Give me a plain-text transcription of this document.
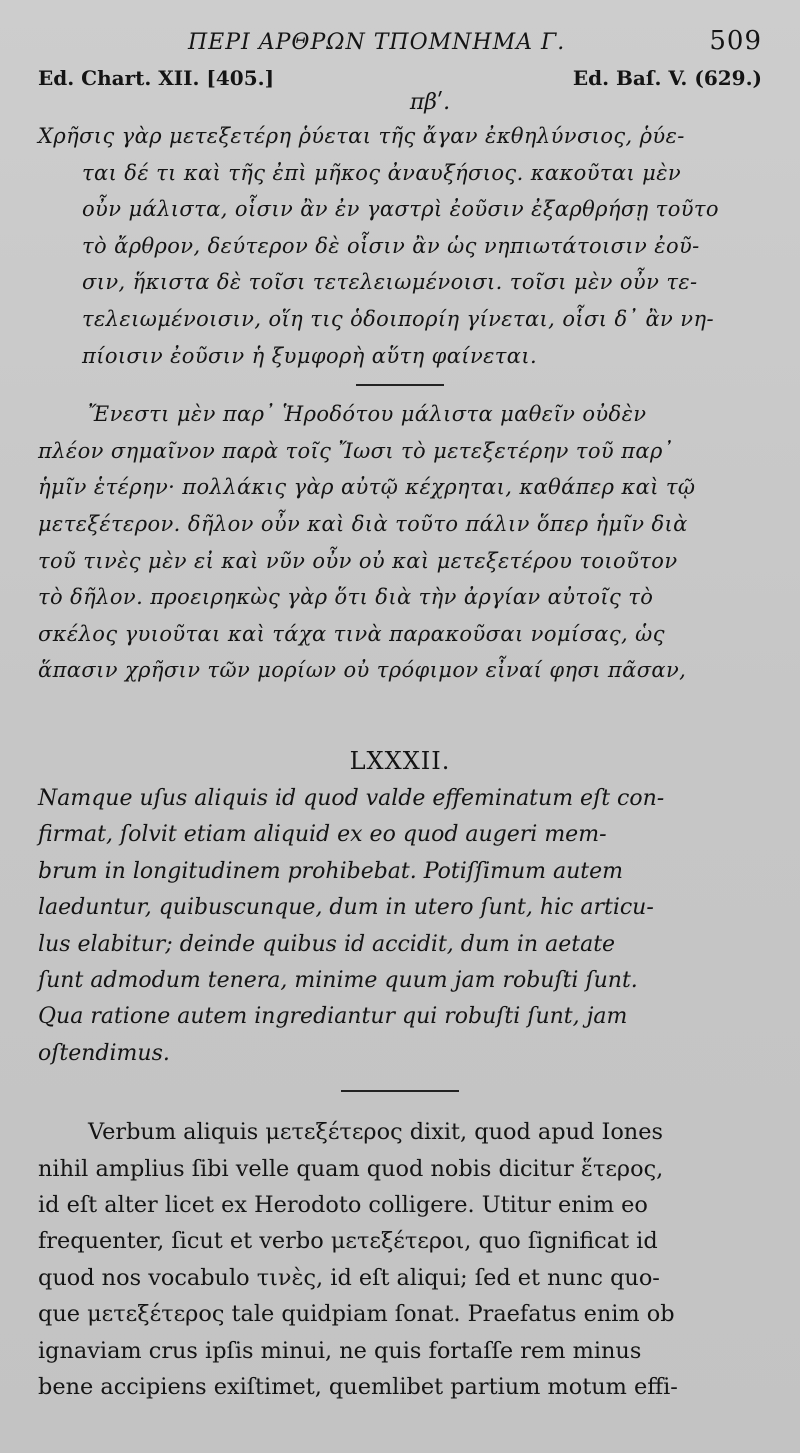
ΠΕΡΙ ΑΡΘΡΩΝ ΤΠΟΜΝΗΜΑ Γ.	509
Ed. Chart. XII. [405.]	Ed. Baſ. V. (629.)
πβʹ.
Χρῆσις γὰρ μετεξετέρη ῥύεται τῆς ἄγαν ἐκθηλύνσιος, ῥύε-
ται δέ τι καὶ τῆς ἐπὶ μῆκος ἀναυξήσιος. κακοῦται μὲν
οὖν μάλιστα, οἷσιν ἂν ἐν γαστρὶ ἐοῦσιν ἐξαρθρήσῃ τοῦτο
τὸ ἄρθρον, δεύτερον δὲ οἷσιν ἂν ὡς νηπιωτάτοισιν ἐοῦ-
σιν, ἥκιστα δὲ τοῖσι τετελειωμένοισι. τοῖσι μὲν οὖν τε-
τελειωμένοισιν, οἵη τις ὁδοιπορίη γίνεται, οἷσι δ᾽ ἂν νη-
πίοισιν ἐοῦσιν ἡ ξυμφορὴ αὕτη φαίνεται.
Ἔνεστι μὲν παρ᾽ Ἡροδότου μάλιστα μαθεῖν οὐδὲν
πλέον σημαῖνον παρὰ τοῖς Ἴωσι τὸ μετεξετέρην τοῦ παρ᾽
ἡμῖν ἑτέρην· πολλάκις γὰρ αὐτῷ κέχρηται, καθάπερ καὶ τῷ
μετεξέτερον. δῆλον οὖν καὶ διὰ τοῦτο πάλιν ὅπερ ἡμῖν διὰ
τοῦ τινὲς μὲν εἰ καὶ νῦν οὖν οὐ καὶ μετεξετέρου τοιοῦτον
τὸ δῆλον. προειρηκὼς γὰρ ὅτι διὰ τὴν ἀργίαν αὐτοῖς τὸ
σκέλος γυιοῦται καὶ τάχα τινὰ παρακοῦσαι νομίσας, ὡς
ἅπασιν χρῆσιν τῶν μορίων οὐ τρόφιμον εἶναί φησι πᾶσαν,
LXXXII.
Namque uſus aliquis id quod valde effeminatum eſt con-
firmat, ſolvit etiam aliquid ex eo quod augeri mem-
brum in longitudinem prohibebat. Potiſſimum autem
laeduntur, quibuscunque, dum in utero ſunt, hic articu-
lus elabitur; deinde quibus id accidit, dum in aetate
ſunt admodum tenera, minime quum jam robuſti ſunt.
Qua ratione autem ingrediantur qui robuſti ſunt, jam
oſtendimus.
Verbum aliquis μετεξέτερος dixit, quod apud Iones
nihil amplius ſibi velle quam quod nobis dicitur ἕτερος,
id eſt alter licet ex Herodoto colligere. Utitur enim eo
frequenter, ſicut et verbo μετεξέτεροι, quo ſignificat id
quod nos vocabulo τινὲς, id eſt aliqui; ſed et nunc quo-
que μετεξέτερος tale quidpiam ſonat. Praefatus enim ob
ignaviam crus ipſis minui, ne quis fortaſſe rem minus
bene accipiens exiſtimet, quemlibet partium motum effi-
